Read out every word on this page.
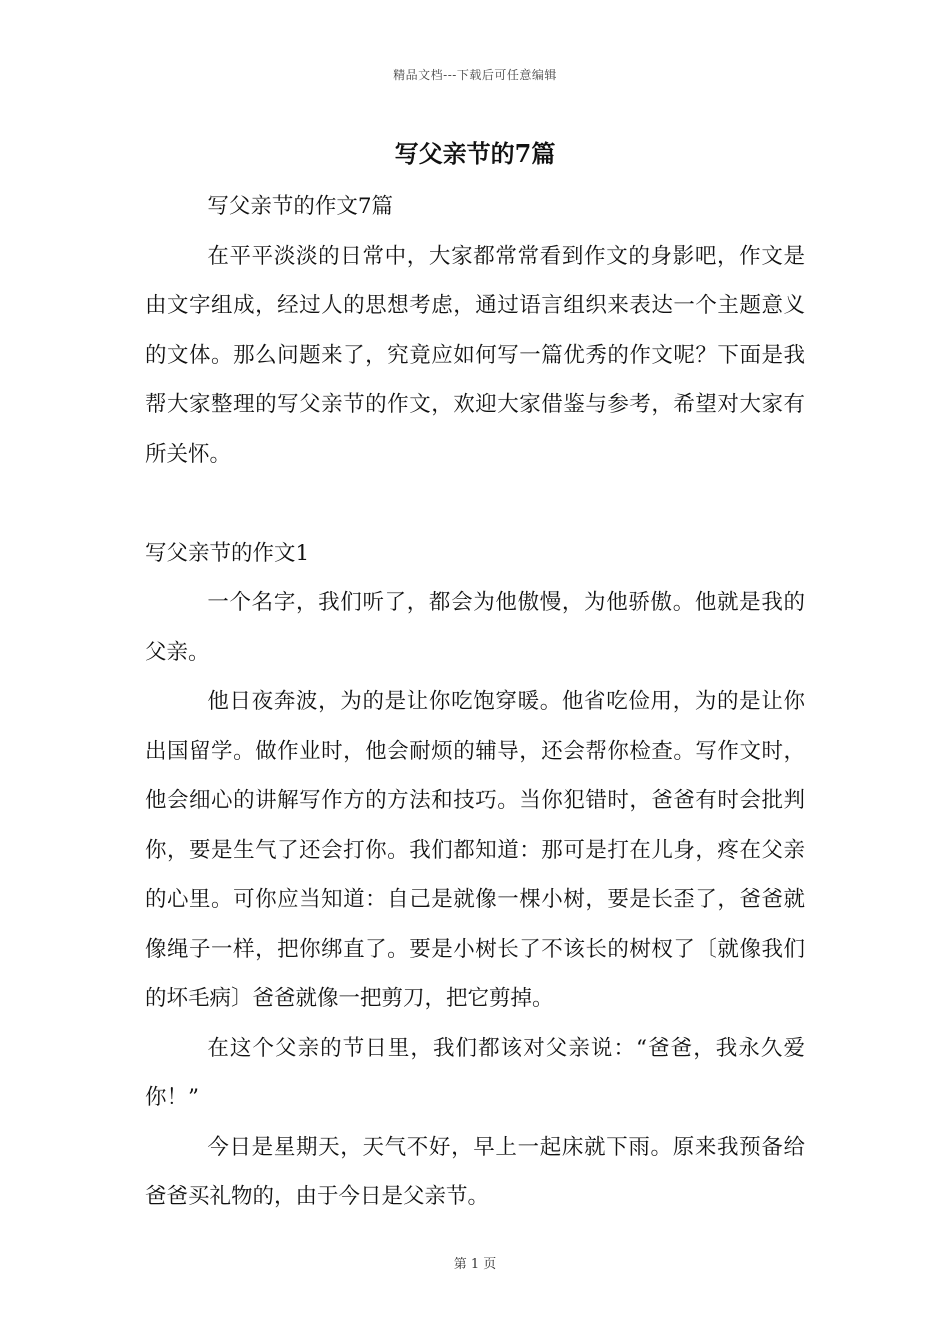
精品文档---下载后可任意编辑
写父亲节的7篇

写父亲节的作文7篇

在平平淡淡的日常中，大家都常常看到作文的身影吧，作文是由文字组成，经过人的思想考虑，通过语言组织来表达一个主题意义的文体。那么问题来了，究竟应如何写一篇优秀的作文呢？下面是我帮大家整理的写父亲节的作文，欢迎大家借鉴与参考，希望对大家有所关怀。

写父亲节的作文1

一个名字，我们听了，都会为他傲慢，为他骄傲。他就是我的父亲。

他日夜奔波，为的是让你吃饱穿暖。他省吃俭用，为的是让你出国留学。做作业时，他会耐烦的辅导，还会帮你检查。写作文时，他会细心的讲解写作方的方法和技巧。当你犯错时，爸爸有时会批判你，要是生气了还会打你。我们都知道：那可是打在儿身，疼在父亲的心里。可你应当知道：自己是就像一棵小树，要是长歪了，爸爸就像绳子一样，把你绑直了。要是小树长了不该长的树杈了〔就像我们的坏毛病〕爸爸就像一把剪刀，把它剪掉。

在这个父亲的节日里，我们都该对父亲说：“爸爸，我永久爱你！”

今日是星期天，天气不好，早上一起床就下雨。原来我预备给爸爸买礼物的，由于今日是父亲节。

第 1 页
